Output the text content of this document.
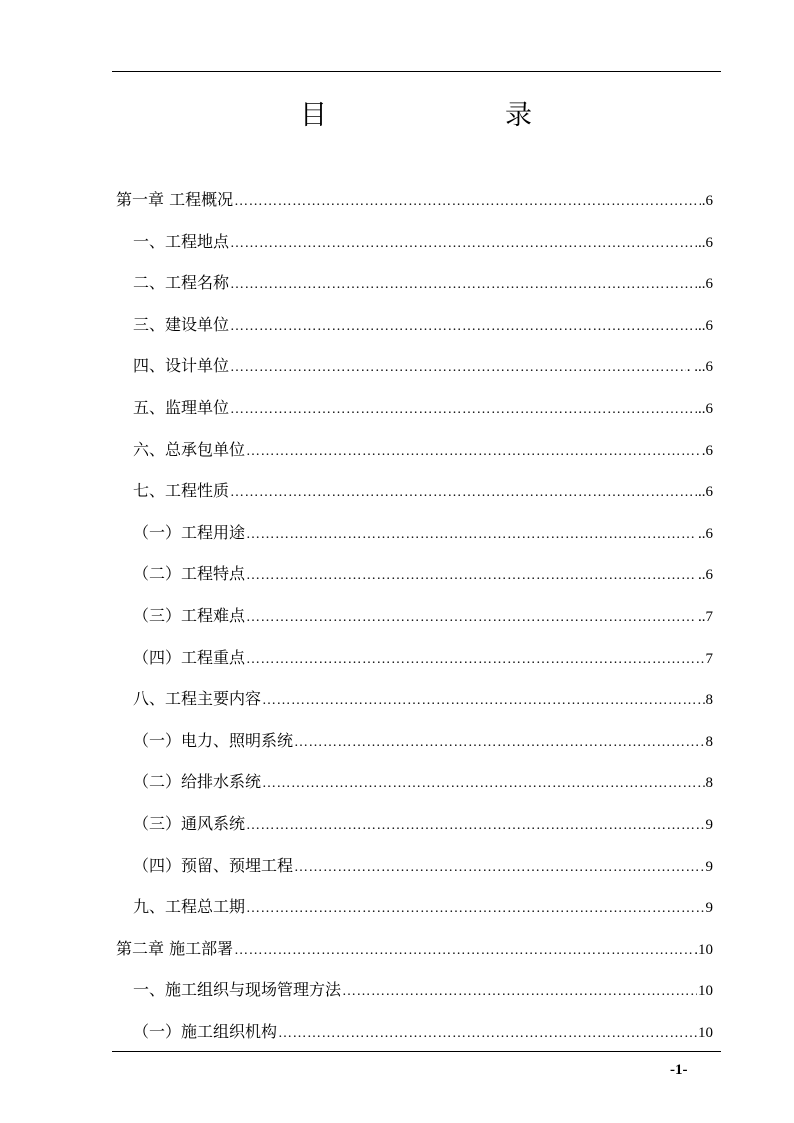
目	录
第一章 工程概况 ………………………………………………………………………………………………………………………………………………………………………………	.6
一、工程地点 ………………………………………………………………………………………………………………………………………………………………………………	..6
二、工程名称 ………………………………………………………………………………………………………………………………………………………………………………	..6
三、建设单位 ………………………………………………………………………………………………………………………………………………………………………………	..6
四、设计单位 ………………………………………………………………………………………………………………………………………………………………………………	. ...6
五、监理单位 ………………………………………………………………………………………………………………………………………………………………………………	..6
六、总承包单位 ………………………………………………………………………………………………………………………………………………………………………………	.6
七、工程性质 ………………………………………………………………………………………………………………………………………………………………………………	..6
（一）工程用途 ………………………………………………………………………………………………………………………………………………………………………………	..6
（二）工程特点 ………………………………………………………………………………………………………………………………………………………………………………	..6
（三）工程难点 ………………………………………………………………………………………………………………………………………………………………………………	..7
（四）工程重点 ………………………………………………………………………………………………………………………………………………………………………………	7
八、工程主要内容 ………………………………………………………………………………………………………………………………………………………………………………	8
（一）电力、照明系统 ………………………………………………………………………………………………………………………………………………………………………………	8
（二）给排水系统 ………………………………………………………………………………………………………………………………………………………………………………	8
（三）通风系统 ………………………………………………………………………………………………………………………………………………………………………………	9
（四）预留、预埋工程 ………………………………………………………………………………………………………………………………………………………………………………	9
九、工程总工期 ………………………………………………………………………………………………………………………………………………………………………………	9
第二章 施工部署 ………………………………………………………………………………………………………………………………………………………………………………	.10
一、施工组织与现场管理方法 ………………………………………………………………………………………………………………………………………………………………………………	10
（一）施工组织机构 ………………………………………………………………………………………………………………………………………………………………………………	10
-1-
